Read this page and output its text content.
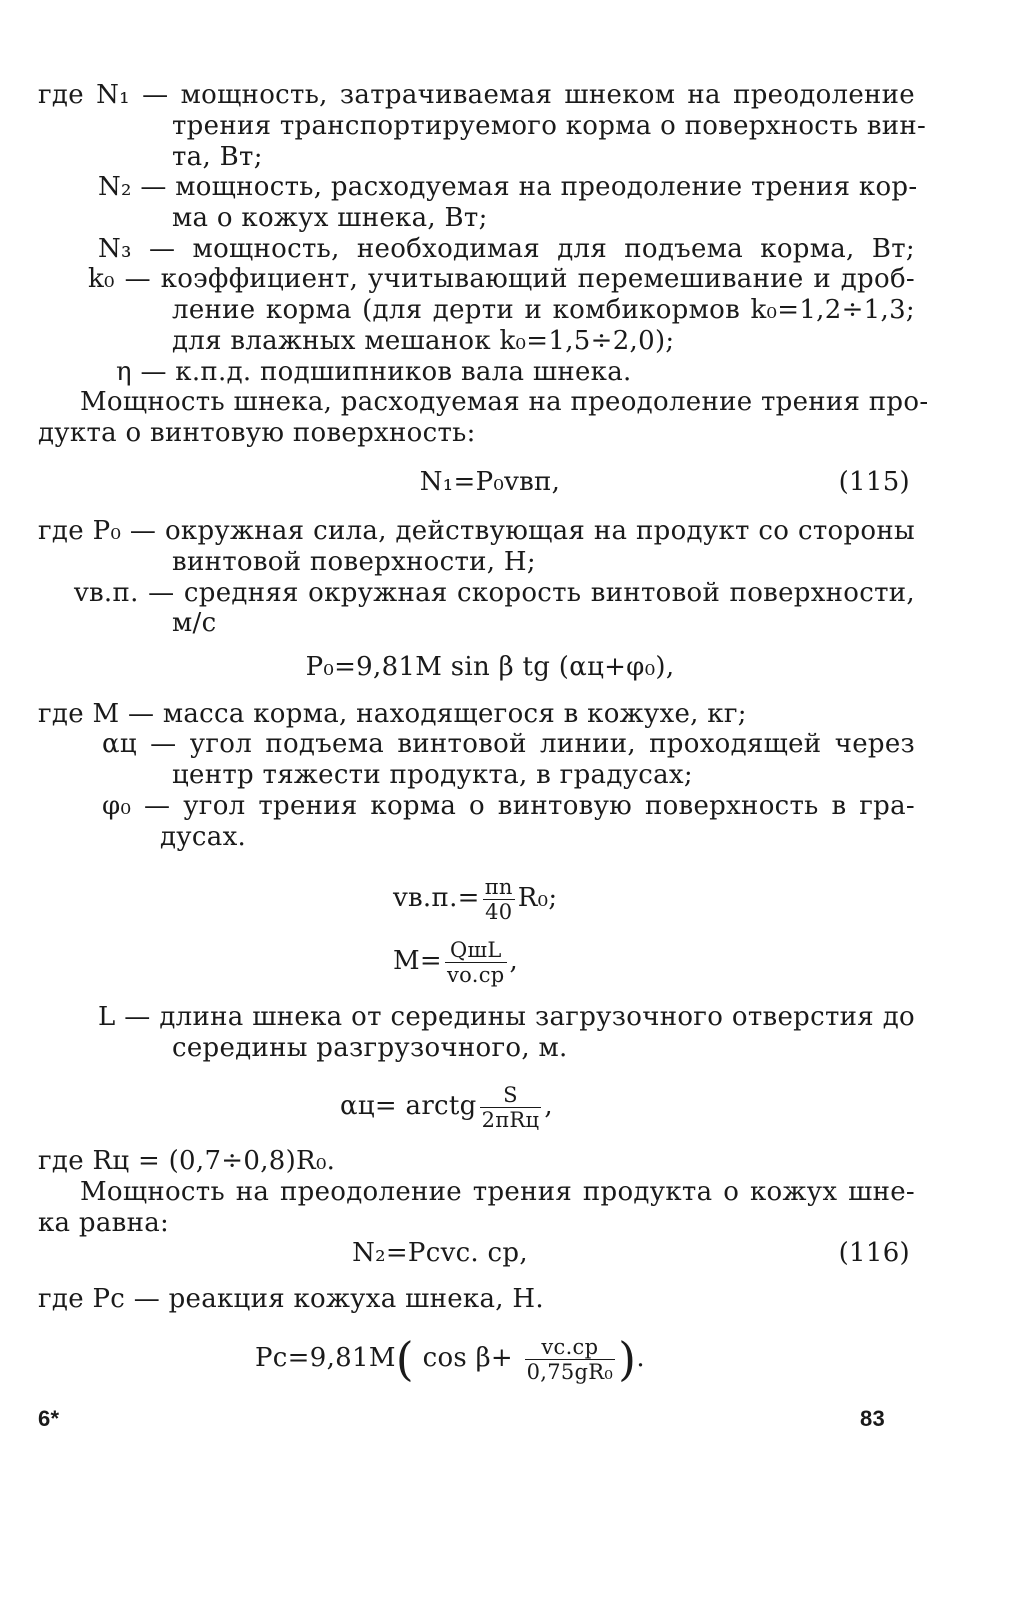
где N₁ — мощность, затрачиваемая шнеком на преодоление
трения транспортируемого корма о поверхность вин-
та, Вт;
N₂ — мощность, расходуемая на преодоление трения кор-
ма о кожух шнека, Вт;
N₃ — мощность, необходимая для подъема корма, Вт;
k₀ — коэффициент, учитывающий перемешивание и дроб-
ление корма (для дерти и комбикормов k₀=1,2÷1,3;
для влажных мешанок k₀=1,5÷2,0);
η — к.п.д. подшипников вала шнека.
Мощность шнека, расходуемая на преодоление трения про-
дукта о винтовую поверхность:
N₁=P₀vвп,	(115)
где P₀ — окружная сила, действующая на продукт со стороны
винтовой поверхности, Н;
vв.п. — средняя окружная скорость винтовой поверхности,
м/с
P₀=9,81M sin β tg (αц+φ₀),
где M — масса корма, находящегося в кожухе, кг;
αц — угол подъема винтовой линии, проходящей через
центр тяжести продукта, в градусах;
φ₀ — угол трения корма о винтовую поверхность в гра-
дусах.
$vв.п.= \frac{\pi n}{40} R_0$;
$M= \frac{\text{QшL}}{vo.cp}$ ,
L — длина шнека от середины загрузочного отверстия до
середины разгрузочного, м.
αц= arctg $\frac{S}{\text{2πRц}}$ ,
где Rц = (0,7÷0,8)R₀.
Мощность на преодоление трения продукта о кожух шне-
ка равна:
N₂=Pcvc. cp,	(116)
где Pc — реакция кожуха шнека, Н.
Pc=9,81M( $\cos \beta+ \frac{vc.cp}{\text{0,75gR₀}}$ ).
6*	83
